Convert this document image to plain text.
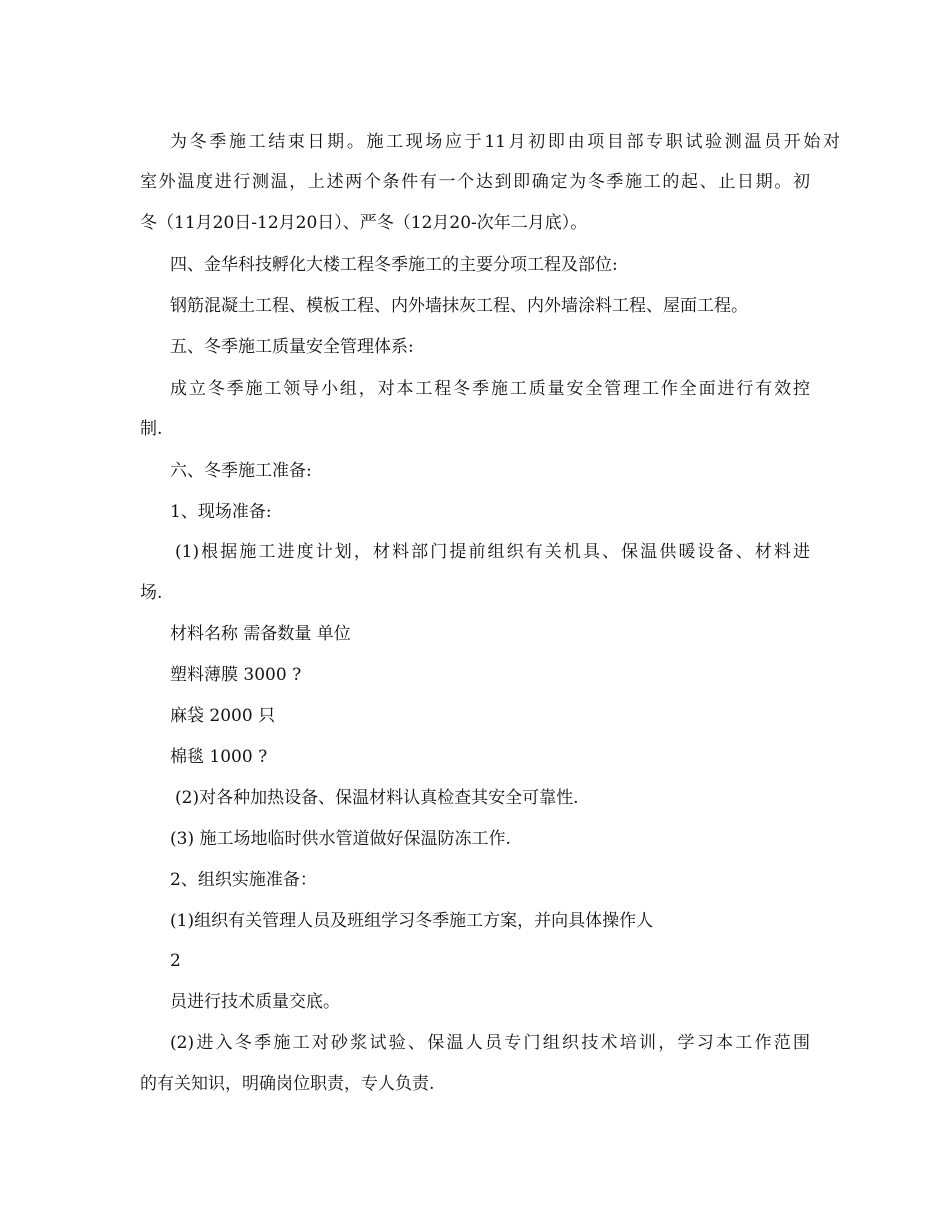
为冬季施工结束日期。施工现场应于11月初即由项目部专职试验测温员开始对
室外温度进行测温，上述两个条件有一个达到即确定为冬季施工的起、止日期。初
冬（11月20日-12月20日）、严冬（12月20-次年二月底）。
四、金华科技孵化大楼工程冬季施工的主要分项工程及部位:
钢筋混凝土工程、模板工程、内外墙抹灰工程、内外墙涂料工程、屋面工程。
五、冬季施工质量安全管理体系:
成立冬季施工领导小组，对本工程冬季施工质量安全管理工作全面进行有效控
制.
六、冬季施工准备:
1、现场准备:
(1)根据施工进度计划，材料部门提前组织有关机具、保温供暖设备、材料进
场.
材料名称 需备数量 单位
塑料薄膜 3000 ?
麻袋 2000 只
棉毯 1000 ?
(2)对各种加热设备、保温材料认真检查其安全可靠性.
(3) 施工场地临时供水管道做好保温防冻工作.
2、组织实施准备：
(1)组织有关管理人员及班组学习冬季施工方案，并向具体操作人
2
员进行技术质量交底。
(2)进入冬季施工对砂浆试验、保温人员专门组织技术培训，学习本工作范围
的有关知识，明确岗位职责，专人负责.
